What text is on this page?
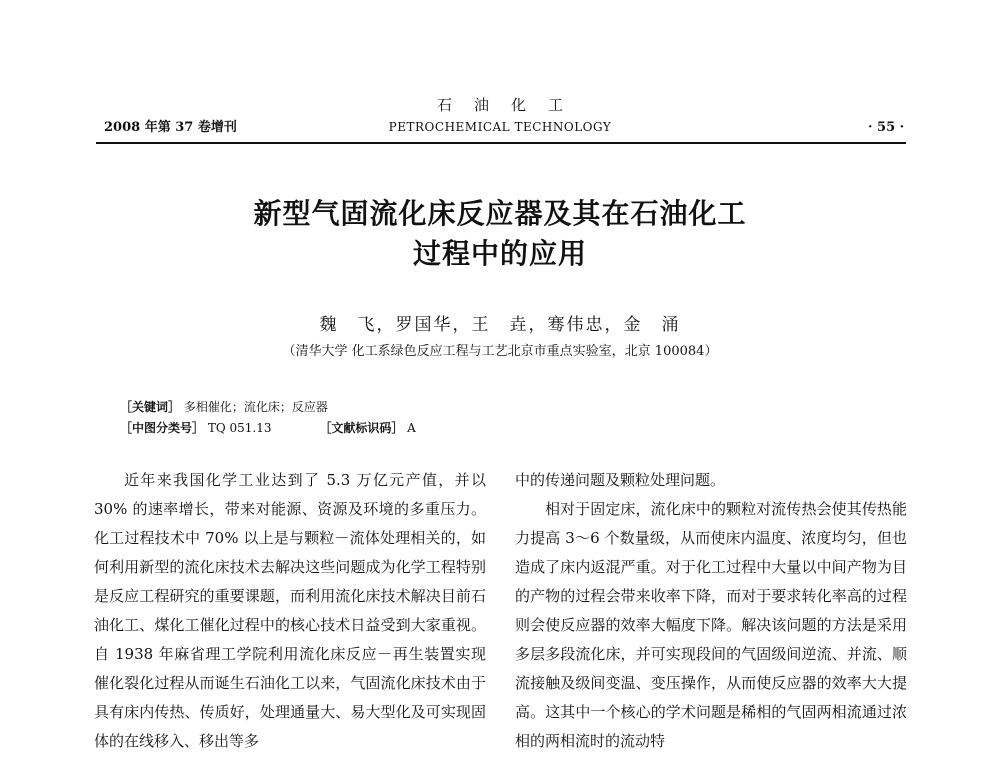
石油化工
PETROCHEMICAL TECHNOLOGY
2008 年第 37 卷增刊	· 55 ·
新型气固流化床反应器及其在石油化工
过程中的应用
魏　飞，罗国华，王　垚，骞伟忠，金　涌
（清华大学 化工系绿色反应工程与工艺北京市重点实验室，北京 100084）
［关键词］ 多相催化；流化床；反应器
［中图分类号］ TQ 051.13	［文献标识码］ A

近年来我国化学工业达到了 5.3 万亿元产值，并以 30% 的速率增长，带来对能源、资源及环境的多重压力。化工过程技术中 70% 以上是与颗粒－流体处理相关的，如何利用新型的流化床技术去解决这些问题成为化学工程特别是反应工程研究的重要课题，而利用流化床技术解决目前石油化工、煤化工催化过程中的核心技术日益受到大家重视。自 1938 年麻省理工学院利用流化床反应－再生装置实现催化裂化过程从而诞生石油化工以来，气固流化床技术由于具有床内传热、传质好，处理通量大、易大型化及可实现固体的在线移入、移出等多

中的传递问题及颗粒处理问题。

相对于固定床，流化床中的颗粒对流传热会使其传热能力提高 3～6 个数量级，从而使床内温度、浓度均匀，但也造成了床内返混严重。对于化工过程中大量以中间产物为目的产物的过程会带来收率下降，而对于要求转化率高的过程则会使反应器的效率大幅度下降。解决该问题的方法是采用多层多段流化床，并可实现段间的气固级间逆流、并流、顺流接触及级间变温、变压操作，从而使反应器的效率大大提高。这其中一个核心的学术问题是稀相的气固两相流通过浓相的两相流时的流动特
